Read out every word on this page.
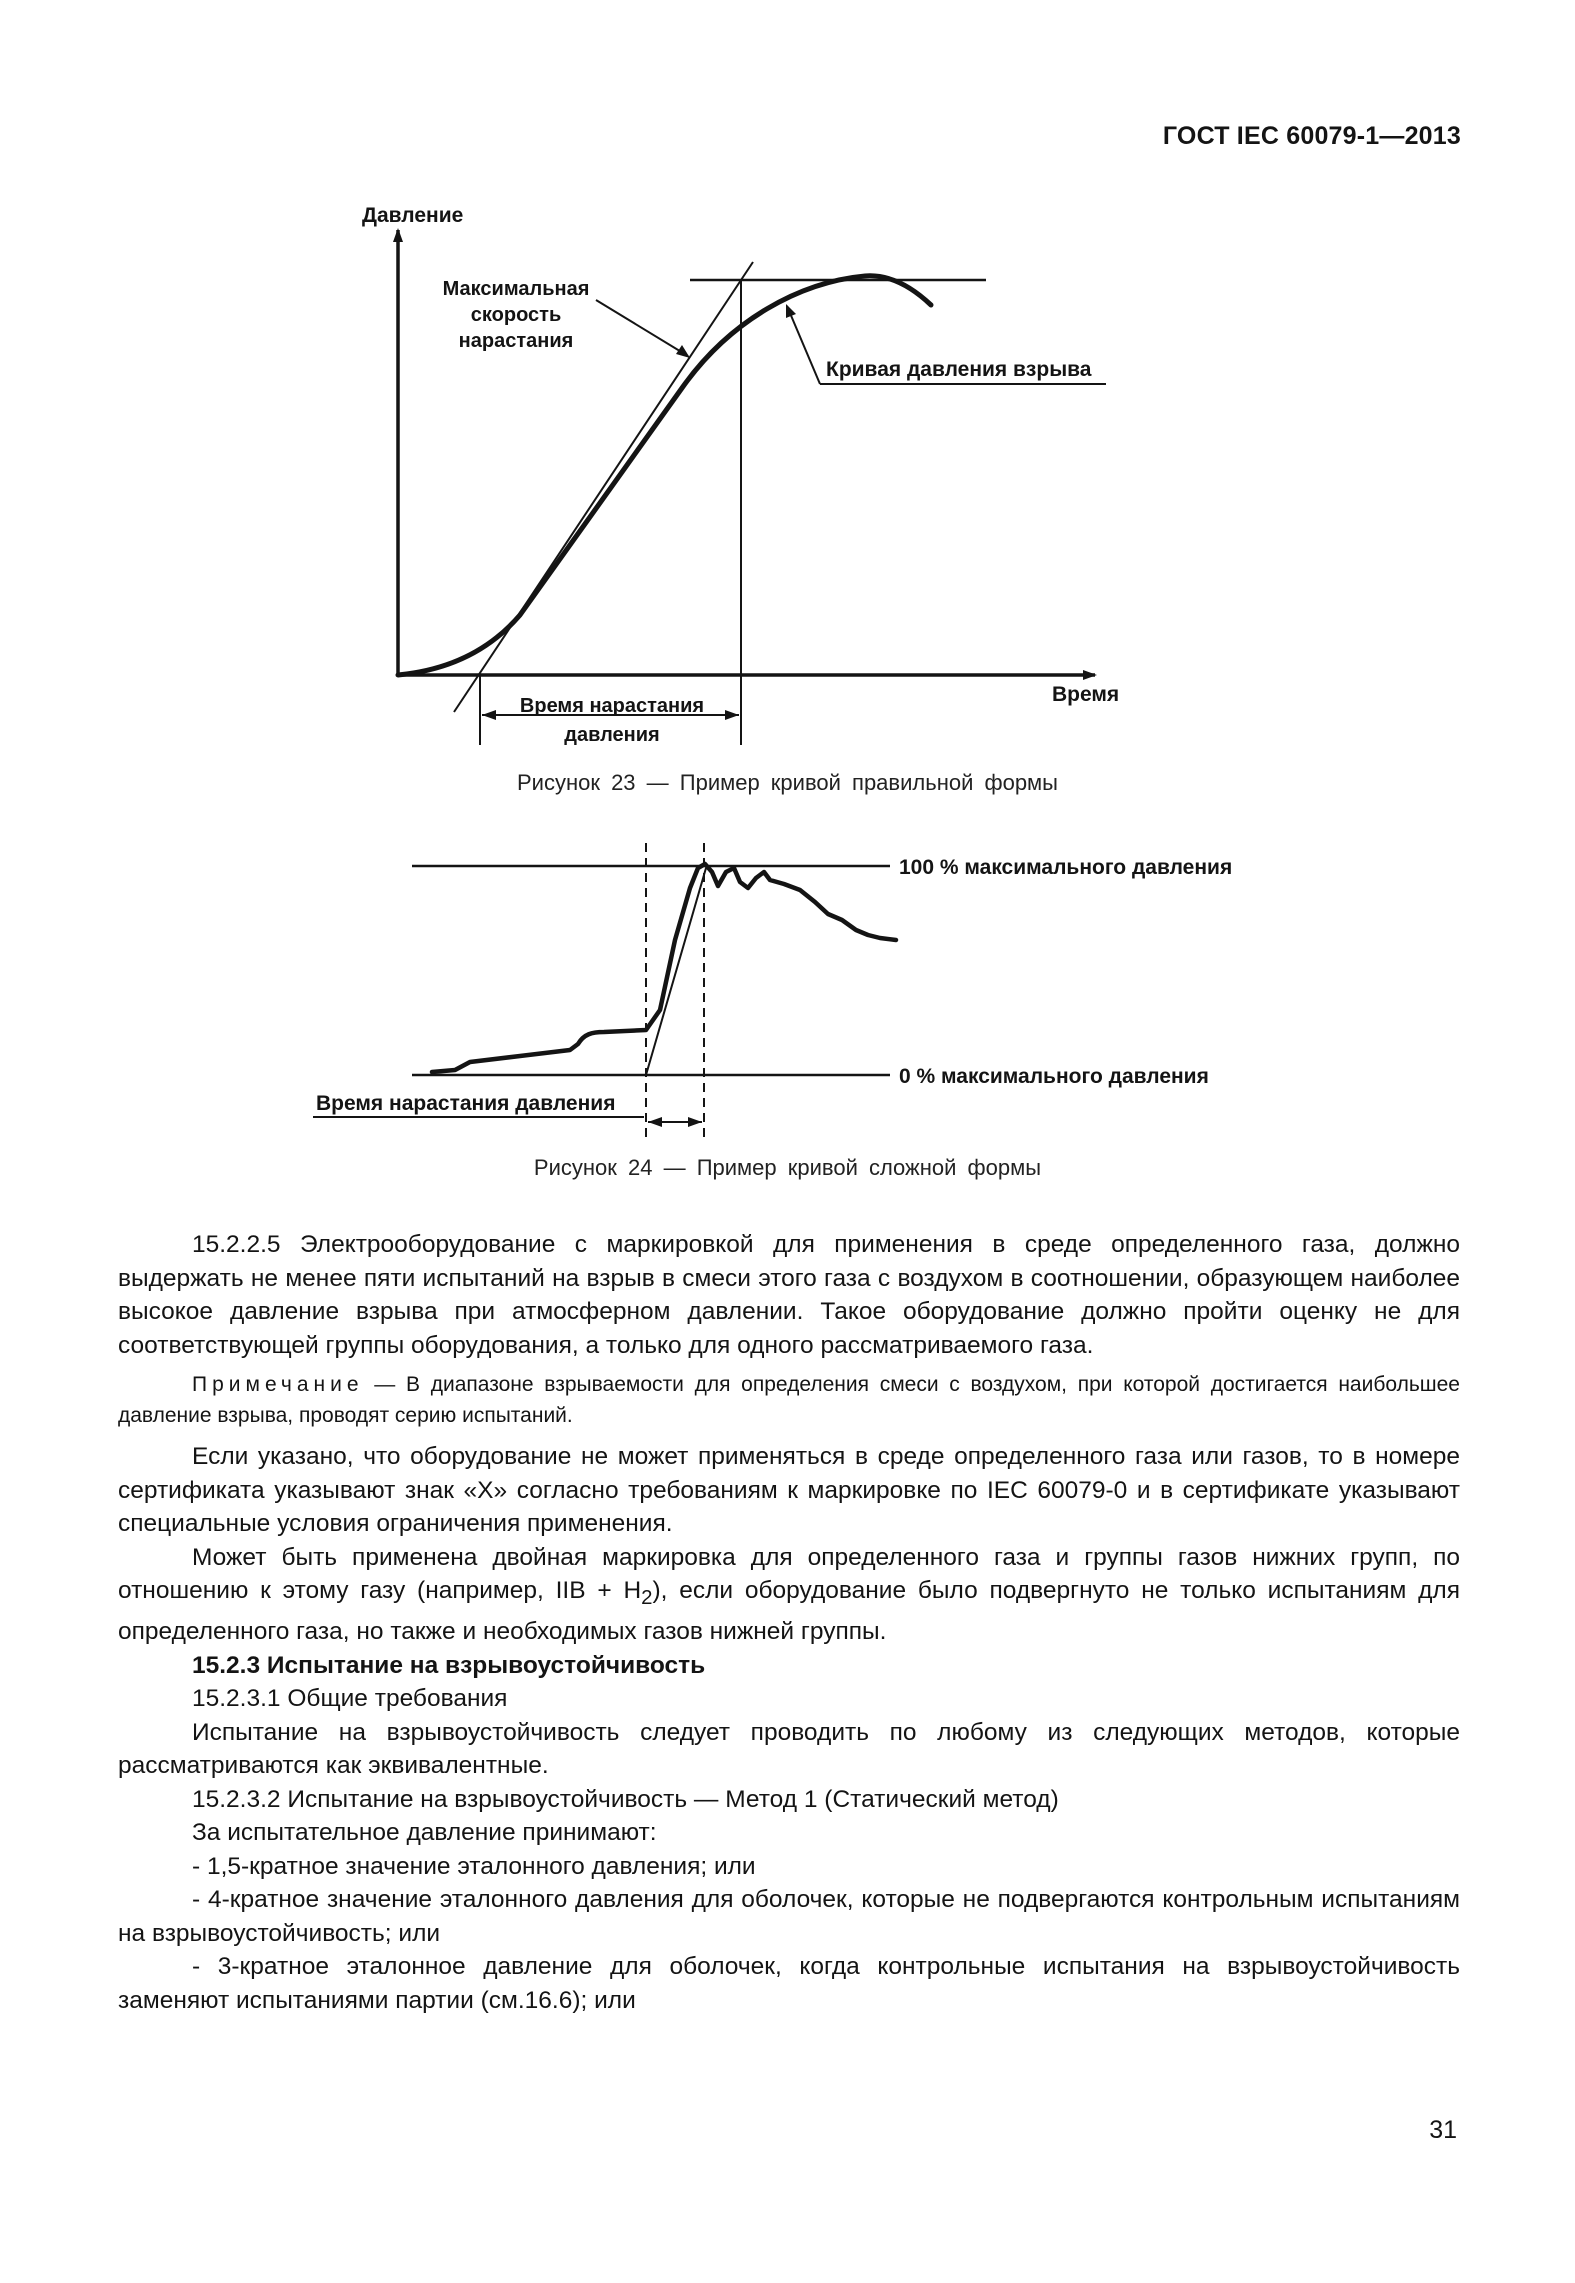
ГОСТ IEC 60079-1—2013
Давление
Время
Время нарастания
давления
Максимальная
скорость
нарастания
Кривая давления взрыва
100 % максимального давления
0 % максимального давления
Время нарастания давления
Рисунок 23 — Пример кривой правильной формы
Рисунок 24 — Пример кривой сложной формы

15.2.2.5 Электрооборудование с маркировкой для применения в среде определенного газа, должно выдержать не менее пяти испытаний на взрыв в смеси этого газа с воздухом в соотношении, образующем наиболее высокое давление взрыва при атмосферном давлении. Такое оборудование должно пройти оценку не для соответствующей группы оборудования, а только для одного рассматриваемого газа.

Примечание — В диапазоне взрываемости для определения смеси с воздухом, при которой достигается наибольшее давление взрыва, проводят серию испытаний.

Если указано, что оборудование не может применяться в среде определенного газа или газов, то в номере сертификата указывают знак «X» согласно требованиям к маркировке по IEC 60079-0 и в сертификате указывают специальные условия ограничения применения.

Может быть применена двойная маркировка для определенного газа и группы газов нижних групп, по отношению к этому газу (например, IIB + $H_2$), если оборудование было подвергнуто не только испытаниям для определенного газа, но также и необходимых газов нижней группы.

15.2.3 Испытание на взрывоустойчивость

15.2.3.1 Общие требования

Испытание на взрывоустойчивость следует проводить по любому из следующих методов, которые рассматриваются как эквивалентные.

15.2.3.2 Испытание на взрывоустойчивость — Метод 1 (Статический метод)

За испытательное давление принимают:

- 1,5-кратное значение эталонного давления; или

- 4-кратное значение эталонного давления для оболочек, которые не подвергаются контрольным испытаниям на взрывоустойчивость; или

- 3-кратное эталонное давление для оболочек, когда контрольные испытания на взрывоустойчивость заменяют испытаниями партии (см.16.6); или

31
